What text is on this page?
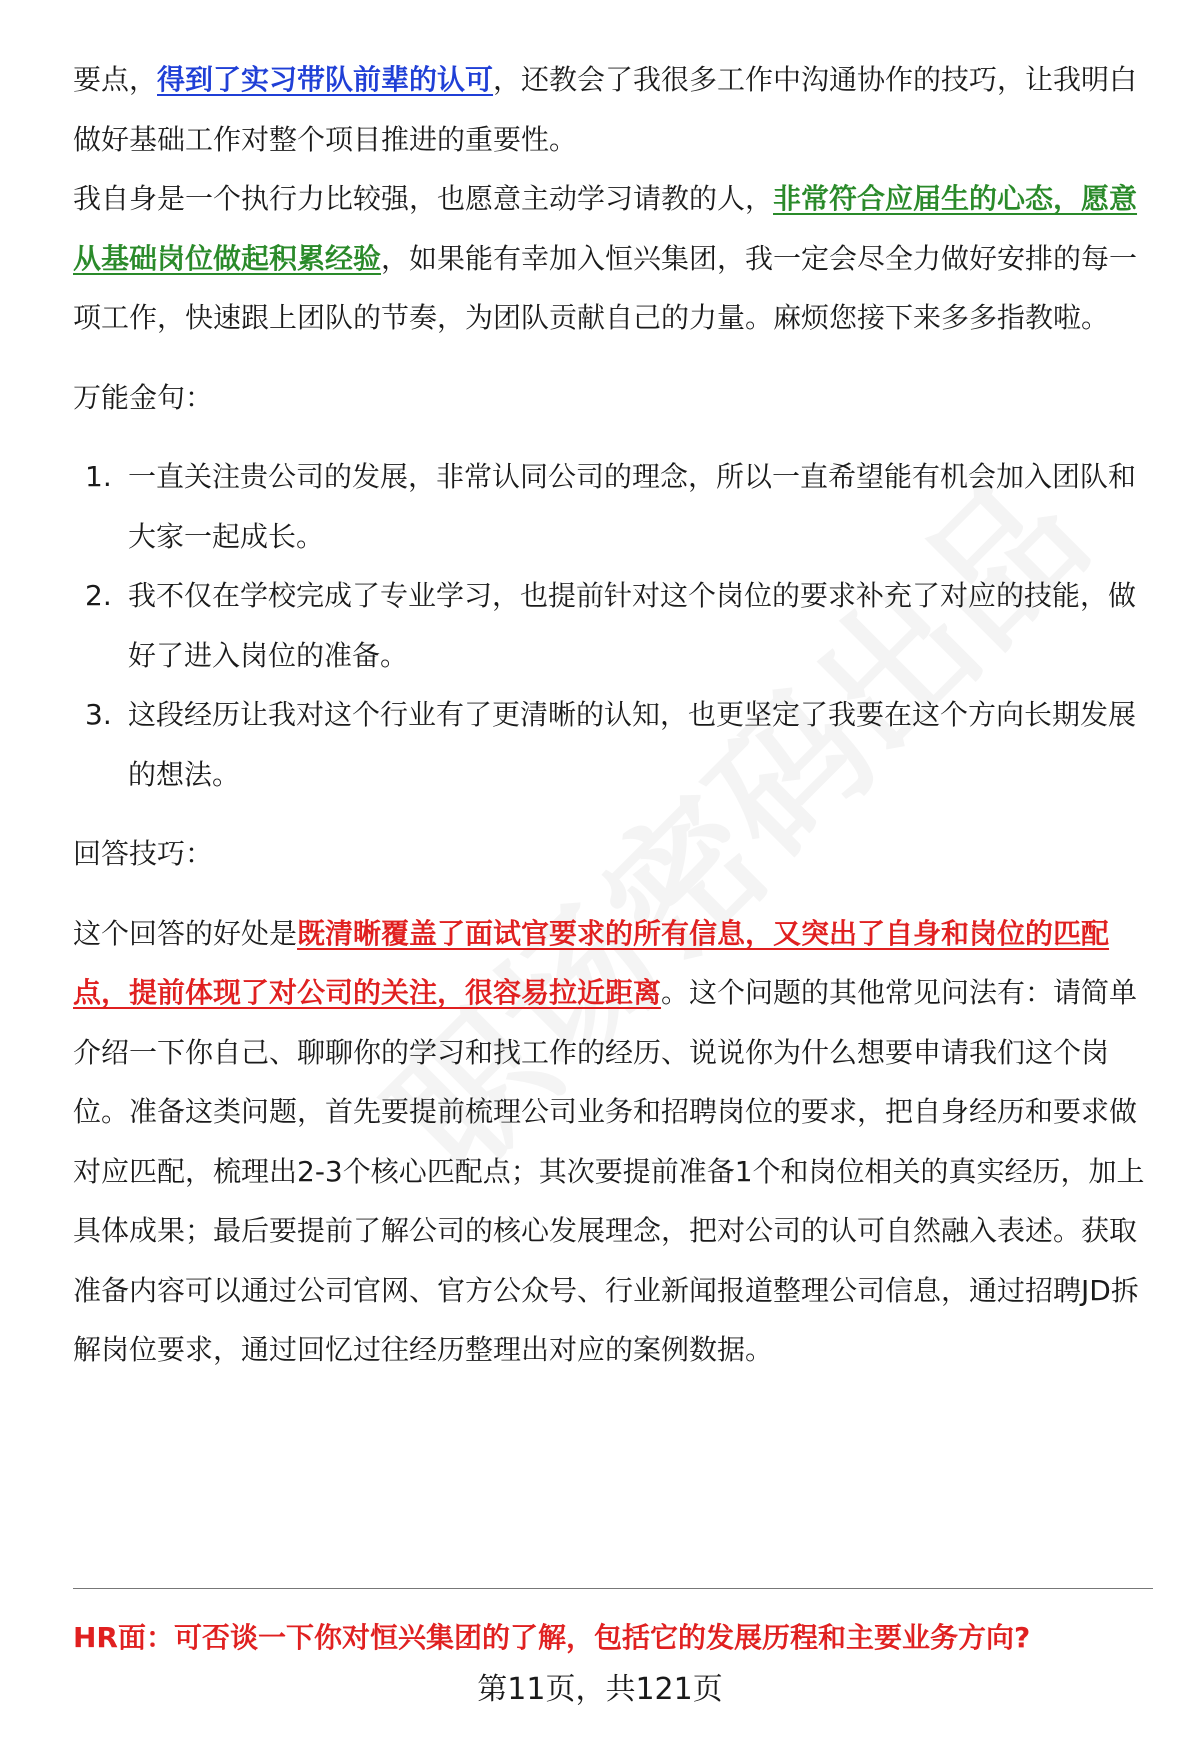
要点，得到了实习带队前辈的认可，还教会了我很多工作中沟通协作的技巧，让我明白做好基础工作对整个项目推进的重要性。

我自身是一个执行力比较强，也愿意主动学习请教的人，非常符合应届生的心态，愿意从基础岗位做起积累经验，如果能有幸加入恒兴集团，我一定会尽全力做好安排的每一项工作，快速跟上团队的节奏，为团队贡献自己的力量。麻烦您接下来多多指教啦。

万能金句：

1. 一直关注贵公司的发展，非常认同公司的理念，所以一直希望能有机会加入团队和大家一起成长。
2. 我不仅在学校完成了专业学习，也提前针对这个岗位的要求补充了对应的技能，做好了进入岗位的准备。
3. 这段经历让我对这个行业有了更清晰的认知，也更坚定了我要在这个方向长期发展的想法。

回答技巧：

这个回答的好处是既清晰覆盖了面试官要求的所有信息，又突出了自身和岗位的匹配点，提前体现了对公司的关注，很容易拉近距离。这个问题的其他常见问法有：请简单介绍一下你自己、聊聊你的学习和找工作的经历、说说你为什么想要申请我们这个岗位。准备这类问题，首先要提前梳理公司业务和招聘岗位的要求，把自身经历和要求做对应匹配，梳理出2-3个核心匹配点；其次要提前准备1个和岗位相关的真实经历，加上具体成果；最后要提前了解公司的核心发展理念，把对公司的认可自然融入表述。获取准备内容可以通过公司官网、官方公众号、行业新闻报道整理公司信息，通过招聘JD拆解岗位要求，通过回忆过往经历整理出对应的案例数据。

HR面：可否谈一下你对恒兴集团的了解，包括它的发展历程和主要业务方向?
第11页，共121页
